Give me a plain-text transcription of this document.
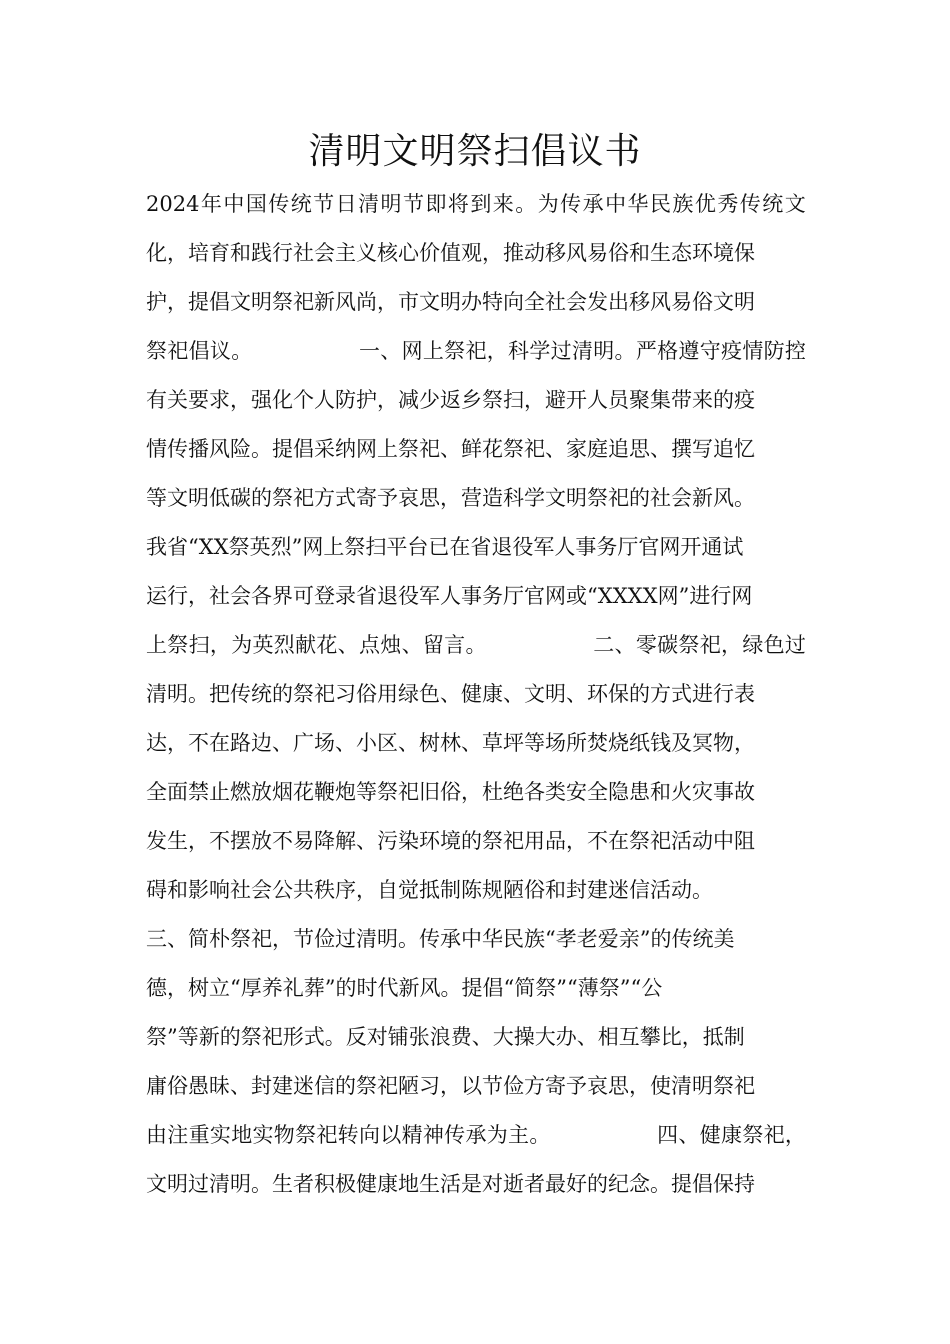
清明文明祭扫倡议书
2024 年 中 国 传 统 节 日 清 明 节 即 将 到 来 。 为 传 承 中 华 民 族 优 秀 传 统 文
化 ， 培 育 和 践 行 社 会 主 义 核 心 价 值 观 ， 推 动 移 风 易 俗 和 生 态 环 境 保
护 ， 提 倡 文 明 祭 祀 新 风 尚 ， 市 文 明 办 特 向 全 社 会 发 出 移 风 易 俗 文 明
祭 祀 倡 议 。

　	一 、 网 上 祭 祀 ， 科 学 过 清 明 。 严 格 遵 守 疫 情 防 控
有 关 要 求 ， 强 化 个 人 防 护 ， 减 少 返 乡 祭 扫 ， 避 开 人 员 聚 集 带 来 的 疫
情 传 播 风 险 。 提 倡 采 纳 网 上 祭 祀 、 鲜 花 祭 祀 、 家 庭 追 思 、 撰 写 追 忆
等 文 明 低 碳 的 祭 祀 方 式 寄 予 哀 思 ， 营 造 科 学 文 明 祭 祀 的 社 会 新 风 。
我 省 “ XX 祭 英 烈 ” 网 上 祭 扫 平 台 已 在 省 退 役 军 人 事 务 厅 官 网 开 通 试
运 行 ， 社 会 各 界 可 登 录 省 退 役 军 人 事 务 厅 官 网 或 “ XXXX 网 ” 进 行 网
上 祭 扫 ， 为 英 烈 献 花 、 点 烛 、 留 言 。

　	二 、 零 碳 祭 祀 ， 绿 色 过
清 明 。 把 传 统 的 祭 祀 习 俗 用 绿 色 、 健 康 、 文 明 、 环 保 的 方 式 进 行 表
达 ， 不 在 路 边 、 广 场 、 小 区 、 树 林 、 草 坪 等 场 所 焚 烧 纸 钱 及 冥 物 ，
全 面 禁 止 燃 放 烟 花 鞭 炮 等 祭 祀 旧 俗 ， 杜 绝 各 类 安 全 隐 患 和 火 灾 事 故
发 生 ， 不 摆 放 不 易 降 解 、 污 染 环 境 的 祭 祀 用 品 ， 不 在 祭 祀 活 动 中 阻
碍 和 影 响 社 会 公 共 秩 序 ， 自 觉 抵 制 陈 规 陋 俗 和 封 建 迷 信 活 动 。
三 、 简 朴 祭 祀 ， 节 俭 过 清 明 。 传 承 中 华 民 族 “ 孝 老 爱 亲 ” 的 传 统 美
德 ， 树 立 “ 厚 养 礼 葬 ” 的 时 代 新 风 。 提 倡 “ 简 祭 ” “ 薄 祭 ” “ 公
祭 ” 等 新 的 祭 祀 形 式 。 反 对 铺 张 浪 费 、 大 操 大 办 、 相 互 攀 比 ， 抵 制
庸 俗 愚 昧 、 封 建 迷 信 的 祭 祀 陋 习 ， 以 节 俭 方 寄 予 哀 思 ， 使 清 明 祭 祀
由 注 重 实 地 实 物 祭 祀 转 向 以 精 神 传 承 为 主 。

　	四 、 健 康 祭 祀 ，
文 明 过 清 明 。 生 者 积 极 健 康 地 生 活 是 对 逝 者 最 好 的 纪 念 。 提 倡 保 持
